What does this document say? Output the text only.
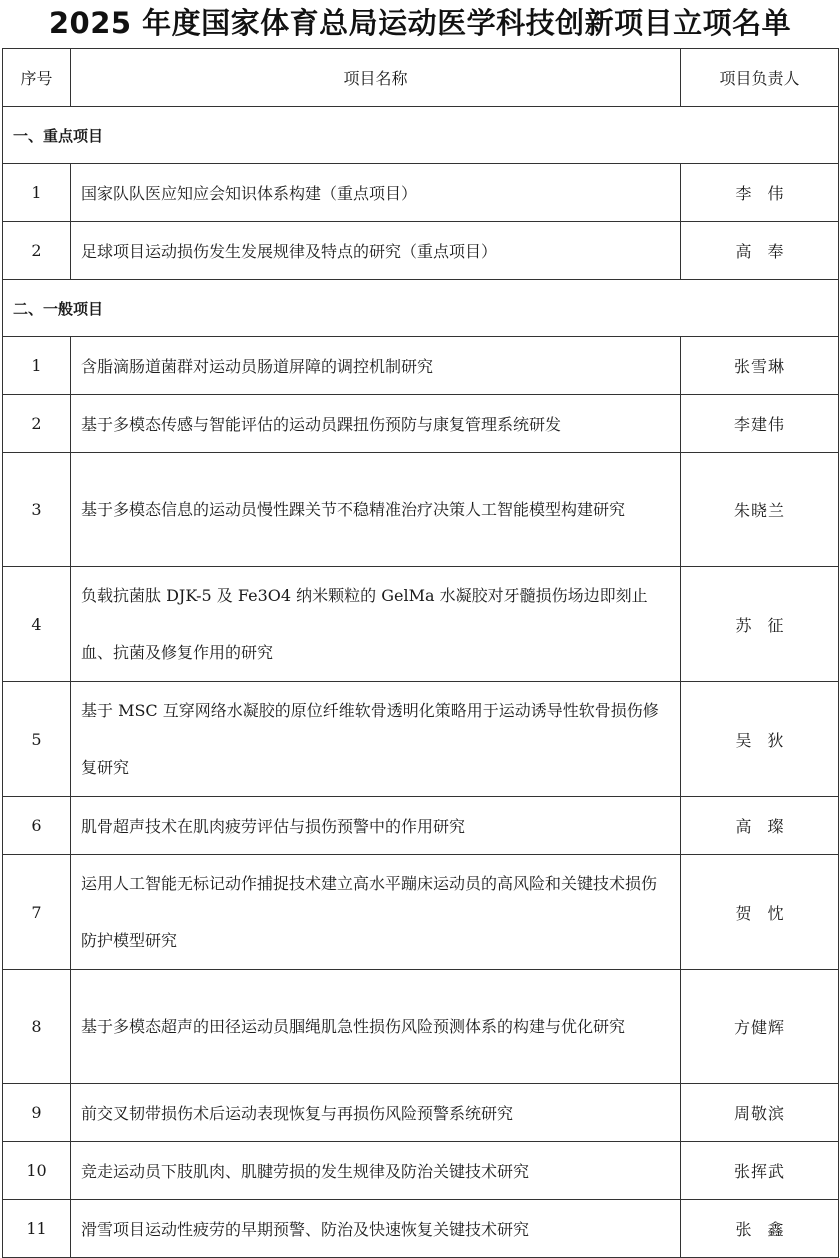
2025 年度国家体育总局运动医学科技创新项目立项名单
序号	项目名称	项目负责人
一、重点项目		
1	国家队队医应知应会知识体系构建（重点项目）	李　伟
2	足球项目运动损伤发生发展规律及特点的研究（重点项目）	高　奉
二、一般项目		
1	含脂滴肠道菌群对运动员肠道屏障的调控机制研究	张雪琳
2	基于多模态传感与智能评估的运动员踝扭伤预防与康复管理系统研发	李建伟
3	基于多模态信息的运动员慢性踝关节不稳精准治疗决策人工智能模型构建研究	朱晓兰
4	负载抗菌肽 DJK-5 及 Fe3O4 纳米颗粒的 GelMa 水凝胶对牙髓损伤场边即刻止血、抗菌及修复作用的研究	苏　征
5	基于 MSC 互穿网络水凝胶的原位纤维软骨透明化策略用于运动诱导性软骨损伤修复研究	吴　狄
6	肌骨超声技术在肌肉疲劳评估与损伤预警中的作用研究	高　璨
7	运用人工智能无标记动作捕捉技术建立高水平蹦床运动员的高风险和关键技术损伤防护模型研究	贺　忱
8	基于多模态超声的田径运动员腘绳肌急性损伤风险预测体系的构建与优化研究	方健辉
9	前交叉韧带损伤术后运动表现恢复与再损伤风险预警系统研究	周敬滨
10	竞走运动员下肢肌肉、肌腱劳损的发生规律及防治关键技术研究	张挥武
11	滑雪项目运动性疲劳的早期预警、防治及快速恢复关键技术研究	张　鑫
